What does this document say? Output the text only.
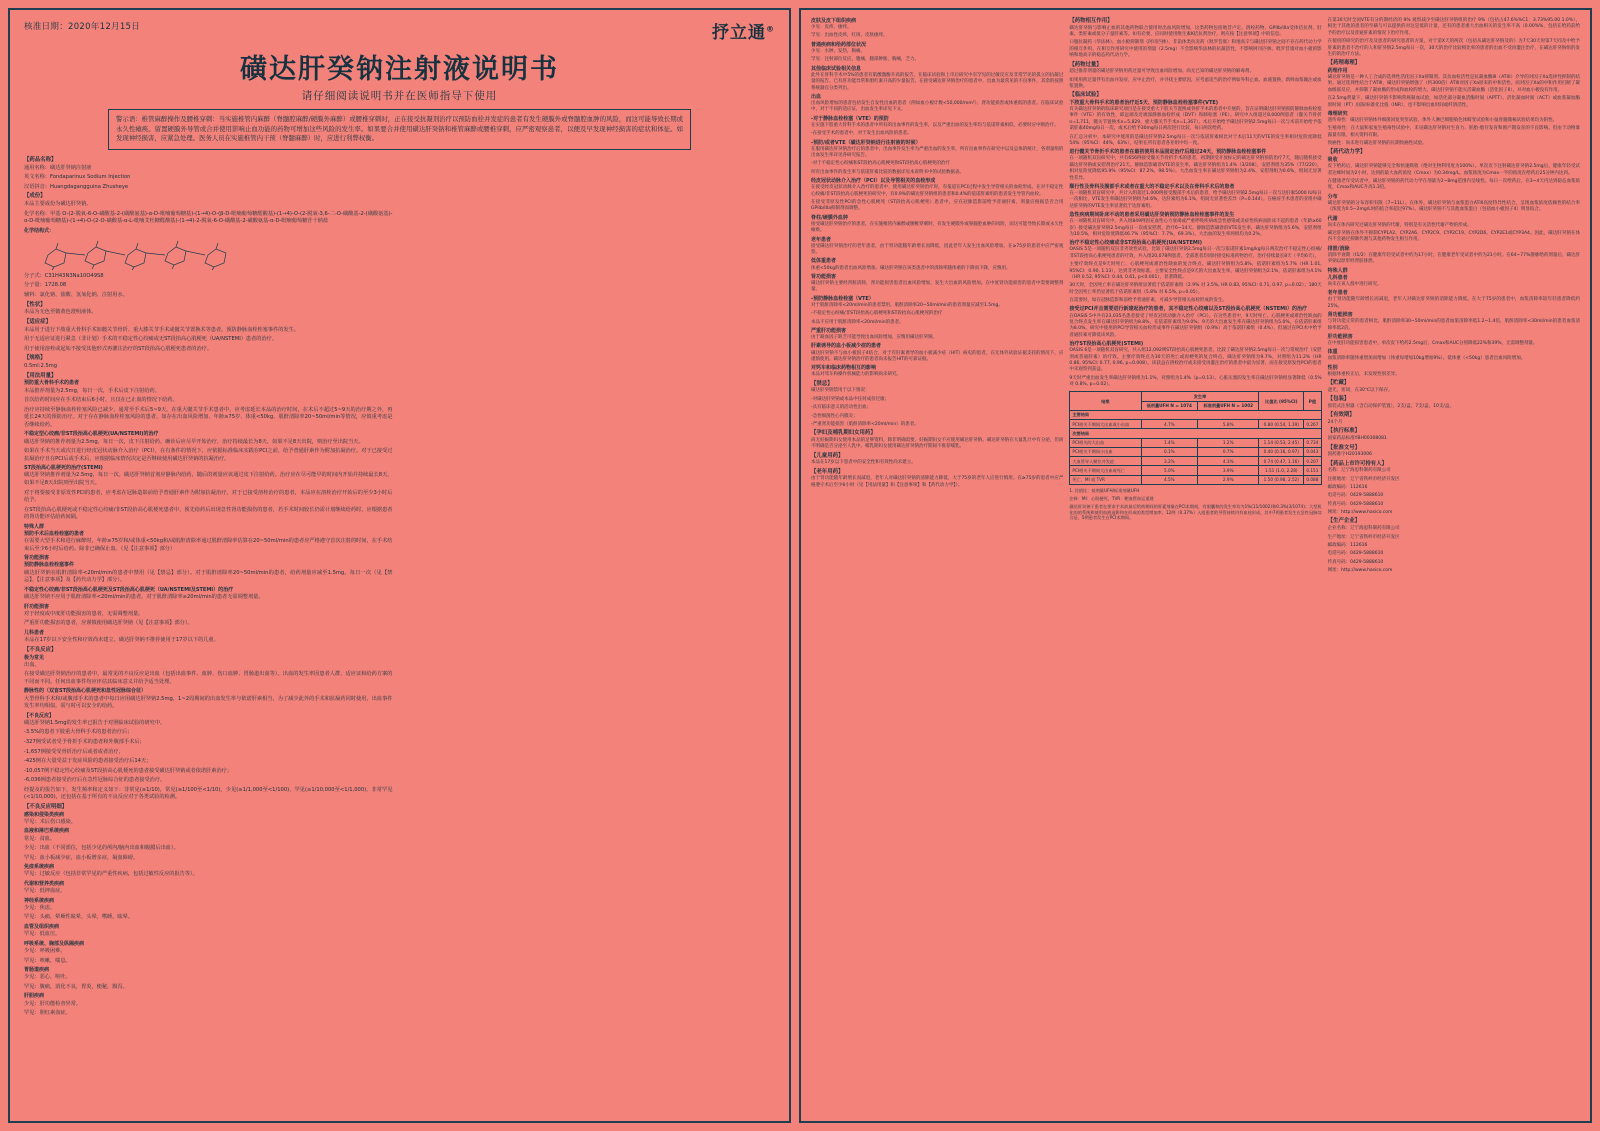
核准日期：2020年12月15日	抒立通®
磺达肝癸钠注射液说明书
请仔细阅读说明书并在医师指导下使用
警示语：椎管麻醉操作及腰椎穿刺：当实施椎管内麻醉（脊髓腔麻醉/硬膜外麻醉）或腰椎穿刺时，正在接受抗凝剂治疗以预防血栓并发症的患者有发生硬膜外或脊髓腔血肿的风险，而这可能导致长期或永久性瘫痪。留置硬膜外导管或合并使用影响止血功能的药物可增加这些风险的发生率。如果要合并使用磺达肝癸钠和椎管麻醉或腰椎穿刺，应严密观察患者，以便及早发现神经损害的症状和体征。如发现神经损害，应紧急处理。医务人员在实施椎管内干预（脊髓麻醉）时，应进行利弊权衡。
【药品名称】

通用名称：磺达肝癸钠注射液

英文名称：Fondaparinux Sodium Injection

汉语拼音：Huangdagangguina Zhusheye

【成份】

本品主要成份为磺达肝癸钠。

化学名称：甲基 O-(2-脱氧-6-O-磺酸基-2-(磺酸氨基)-α-D-吡喃葡萄糖基)-(1→4)-O-(β-D-吡喃葡萄糖醛酸基)-(1→4)-O-(2-脱氧-3,6-二-O-磺酸基-2-(磺酸氨基)-α-D-吡喃葡萄糖基)-(1→4)-O-(2-O-磺酸基-α-L-吡喃艾杜糖醛酸基)-(1→4)-2-脱氧-6-O-磺酸基-2-磺酸氨基-α-D-吡喃葡萄糖苷十钠盐

化学结构式：

分子式：C31H43N3Na10O49S8

分子量：1728.08

辅料：氯化钠、盐酸、氢氧化钠、注射用水。

【性状】

本品为无色至微黄色澄明液体。

【适应症】

本品用于进行下肢重大骨科手术如髋关节骨折、重大膝关节手术或髋关节置换术等患者，预防静脉血栓栓塞事件的发生。

用于无适应证进行紧急（非计划）手术的不稳定性心绞痛或无ST段抬高心肌梗死（UA/NSTEMI）患者的治疗。

用于使用溶栓或起始不接受其他形式再灌注治疗的ST段抬高心肌梗死患者的治疗。

【规格】

0.5ml:2.5mg

【用法用量】
预防重大骨科手术的患者

本品推荐剂量为2.5mg，每日一次，手术后皮下注射给药。

首次给药时间应在手术结束后6小时，且仅在已止血的情况下给药。

治疗应持续至静脉血栓栓塞风险已减少，通常至手术后5~9天。在重大髋关节手术患者中，应考虑延长本品的治疗时间，在术后不超过5~9天的治疗期之外，再延长24天的预防治疗。对于存在静脉血栓栓塞风险的患者，如存在出血风险增加、年龄≥75岁、体重<50kg、肌酐清除率20~50ml/min等情况，应慎重考虑是否继续给药。

不稳定型心绞痛/非ST段抬高心肌梗死(UA/NSTEMI)的治疗

磺达肝癸钠的推荐剂量为2.5mg，每日一次，皮下注射给药。确诊后应尽早开始治疗，治疗持续最长为8天，如果不足8天出院，则治疗至出院当天。

如果在手术当天或次日进行经皮冠状动脉介入治疗（PCI），在有条件的情况下，应依据标准临床实践在PCI之前，给予普通肝素作为附加抗凝治疗。对于已接受过抗凝治疗且在PCI后或手术后，应根据临床情况决定是否继续使用磺达肝癸钠的抗凝治疗。

ST段抬高心肌梗死的治疗(STEMI)

磺达肝癸钠推荐剂量为2.5mg，每日一次。磺达肝癸钠首剂应静脉内给药，随后的剂量应该通过皮下注射给药。治疗应在尽可能早的时间内开始并持续最长8天，如果不足8天出院则至出院当天。

对于将要接受非原发性PCI的患者，应考虑在冠脉造影前给予普通肝素作为附加抗凝治疗。对于已接受溶栓治疗的患者，本品应在溶栓治疗开始后的至少3小时后给予。

在ST段抬高心肌梗死或不稳定性心绞痛/非ST段抬高心肌梗死患者中，预先给药后出现急性肾功能损伤的患者，若手术时间较长仍需计划继续给药时，应根据患者的肾功能评估给药间隔。

特殊人群
预防手术后血栓栓塞的患者

在需要大型手术和进行麻醉时，年龄≥75岁和/或体重<50kg和/或肌酐清除率通过肌酐清除率估算在20~50ml/min的患者应严格遵守首次注射的时间，在手术结束后至少6小时后给药。除非已确保止血。（见【注意事项】部分）

肾功能损害
预防静脉血栓栓塞事件

磺达肝癸钠在肌酐清除率<20ml/min的患者中禁用（见【禁忌】部分）。对于肌酐清除率20~50ml/min的患者，给药剂量应减至1.5mg，每日一次（见【禁忌】、【注意事项】及【药代动力学】部分）。

不稳定性心绞痛/非ST段抬高心肌梗死及ST段抬高心肌梗死（UA/NSTEMI及STEMI）的治疗

磺达肝癸钠不应用于肌酐清除率<20ml/min的患者，对于肌酐清除率≥20ml/min的患者无需调整剂量。

肝功能损害

对于轻度或中度肝功能损害的患者，无需调整剂量。

严重肝功能损害的患者，应谨慎使用磺达肝癸钠（见【注意事项】部分）。

儿科患者

本品在17岁以下安全性和疗效尚未建立。磺达肝癸钠不推荐使用于17岁以下的儿童。

【不良反应】
极为常见

出血。

在接受磺达肝癸钠治疗的患者中，最常见的不良反应是出血（包括出血事件、血肿、伤口血肿、胃肠道出血等）。出血的发生率因患者人群、适应证和给药方案的不同而不同。任何出血事件均应评估其临床意义并给予适当处理。

静脉性的（双盲ST段抬高心肌梗死和急性冠脉综合征）

大型骨科手术和/或腹部手术的患者中每日应用磺达肝癸钠2.5mg，1~2周期间的出血发生率与依诺肝素相当，为了减少此外的手术和抗凝药同时使用，出血事件发生率均相似，需与时可以安全的给药。

【不良反应】

磺达肝癸钠1.5mg的发生率已报告于对照临床试验的研究中。

-3.5%的患者下肢重大骨科手术的患者治疗后；

-327例受试者受予骨折手术的患者和外腹部手术后；

-1,657例接受受骨折治疗后或者或者治疗，

-425例在大量受益于发症风险的患者接受治疗后14天；

-10,057例不稳定性心绞痛及ST段抬高心肌梗死的患者接受磺达肝癸钠或者依诺肝素治疗；

-6,036例患者接受治疗后在急性冠脉综合征的患者接受治疗。

经提及的报告如下，发生频率和定义如下：非常见(≥1/10)，常见(≥1/100至<1/10)，少见(≥1/1,000至<1/100)，罕见(≥1/10,000至<1/1,000)，非常罕见(<1/10,000)，还包括在基于所有的不良反应对于各类试验的检测。

【不良反应明细】
感染和侵染类疾病

罕见：术后伤口感染。

血液和淋巴系统疾病

常见：贫血。

少见：出血（不同部位，包括少见的颅内/脑内出血和腹膜后出血）。

罕见：血小板减少症，血小板增多症，凝血障碍。

免疫系统疾病

罕见：过敏反应（包括非常罕见的严重性疾病，包括过敏性反应的报告等）。

代谢和营养类疾病

罕见：低钾血症。

神经系统疾病

少见：焦虑。

罕见：头痛，晕厥性眩晕，头晕，嗜睡，眩晕。

血管及组织疾病

罕见：低血压。

呼吸系统、胸部及纵隔疾病

少见：呼吸困难。

罕见：咳嗽，喘息。

胃肠道疾病

少见：恶心，呕吐。

罕见：腹痛，消化不良，胃炎，便秘，腹泻。

肝胆疾病

少见：肝功能检查异常。

罕见：胆红素血症。

皮肤及皮下组织疾病

少见：皮疹，瘙痒。

罕见：出血性皮疹，红斑，皮肤瘙痒。

普通疾病和给药部位状况

少见：水肿，发热，胸痛。

罕见：注射部位反应，腹痛，腿部肿胀，胸痛，乏力。

其他临床试验相关信息

此外在骨科手术中5%的患者有肌酸激酶升高的报告，在临床试验和上市后研究中有罕见的过敏反应及非常罕见的孤立的抗凝过量的报告。已有肝功能异常和胆红素升高的少量报告。在接受磺达肝癸钠治疗的患者中，出血为最常见的不良事件，其余的按照系统器官分类列出。

出血

出血风险增加的患者包括发生自发性出血的患者（例如血小板计数<50,000/mm³）、肾功能损害或体重低的患者。在临床试验中，对于不同的适应证，出血发生率详见下文。

-对于静脉血栓栓塞（VTE）的预防

在实施下肢重大骨科手术的患者中所有的出血事件的发生率，以及严重出血的发生率均与依诺肝素相似，必要时应中断治疗。

-在接受手术的患者中，对于发生出血风险的患者。

-预防/或者VTE（磺达肝癸钠进行注射液的时候）

在服用磺达肝癸钠治疗后的患者中，出血事件发生率为严重出血的发生率，所有出血事件在研究中以及总体的统计，各剂量组的出血发生率详见各研究报告。

-对于不稳定性心绞痛和ST段抬高心肌梗死和ST段抬高心肌梗死的治疗

所有出血事件的发生率与依诺肝素比较的数据详见本说明书中的试验数据表。

经皮冠状动脉介入治疗（PCI）以及导管相关的血栓形成

在接受经皮冠状动脉介入治疗的患者中，使用磺达肝癸钠治疗时，有报道在PCI过程中发生导管相关的血栓形成。在对不稳定性心绞痛/非ST段抬高心肌梗死的研究中，有0.9%的磺达肝癸钠组的患者和0.4%的依诺肝素组的患者发生导管内血栓。

在接受非原发性PCI的急性心肌梗死（ST段抬高心肌梗死）患者中，应在冠脉造影前给予普通肝素，剂量应根据是否合用GPIIb/IIIa抑制剂而调整。

脊柱/硬膜外血肿

接受磺达肝癸钠治疗的患者，在实施椎管内麻醉或腰椎穿刺时，有发生硬膜外或脊髓腔血肿的风险，而这可能导致长期或永久性瘫痪。

老年患者

接受磺达肝癸钠治疗的老年患者，由于肾功能随年龄增长而降低，因此老年人发生出血风险增加。在≥75岁的患者中应严密观察。

低体重患者

体重<50kg的患者出血风险增加。磺达肝癸钠在该类患者中的清除率随体重的下降而下降，应慎用。

肾功能损害

磺达肝癸钠主要经肾脏清除，肾功能损害患者出血风险增加，发生大出血的风险增加。在中度肾功能损害的患者中需要调整剂量。

-预防静脉血栓栓塞（VTE）

对于肌酐清除率<20ml/min的患者禁用，肌酐清除率20~50ml/min的患者剂量应减至1.5mg。

-不稳定性心绞痛/非ST段抬高心肌梗死和ST段抬高心肌梗死的治疗

本品不应用于肌酐清除率<20ml/min的患者。

严重肝功能损害

由于凝血因子缺乏可能导致出血风险增加，应慎用磺达肝癸钠。

肝素诱导的血小板减少症的患者

磺达肝癸钠不与血小板因子4结合，对于有肝素诱导的血小板减少症（HIT）病史的患者，在无体外试验证据支持的情况下，应谨慎使用。磺达肝癸钠治疗的患者尚未报告HIT的可靠证据。

对钙车和临床药物相互的影响

本品对驾车和操作机械能力的影响尚未研究。

【禁忌】

磺达肝癸钠禁用于以下情况：

-对磺达肝癸钠或本品中任何成份过敏；

-具有临床意义的活动性出血；

-急性细菌性心内膜炎；

-严重肾功能损害（肌酐清除率<20ml/min）的患者。

【孕妇及哺乳期妇女用药】

尚无妊娠期妇女使用本品的足够资料，除非明确需要，妊娠期妇女不应使用磺达肝癸钠。磺达肝癸钠在大鼠乳汁中有分泌，但尚不明确是否分泌至人乳中。哺乳期妇女使用磺达肝癸钠治疗期间不推荐哺乳。

【儿童用药】

本品在17岁以下患者中的安全性和有效性尚未建立。

【老年用药】

由于肾功能随年龄增长而减退，老年人对磺达肝癸钠的清除能力降低，大于75岁的老年人应进行慎用。在≥75岁的患者中应严格遵守术后至少6小时（见【用法用量】和【注意事项】和【药代动力学】）。

【药物相互作用】

磺达肝癸钠与影响止血的其他药物联合使用时出血风险增加，这类药物包括地昔卢定、溶栓药物、GPIIb/IIIa受体拮抗剂、肝素、类肝素或低分子量肝素等。如有必要，应同时使用维生素K拮抗剂治疗，则应按【注意事项】中的信息。

口服抗凝药（华法林）、血小板抑制剂（阿司匹林）、非甾体类抗炎药（吡罗昔康）和地高辛与磺达肝癸钠之间不存在药代动力学的相互作用。在相互作用研究中使用的剂量（2.5mg）不会影响华法林的抗凝活性，不影响阿司匹林、吡罗昔康对血小板的影响和地高辛的稳态药代动力学。

【药物过量】

超过推荐剂量的磺达肝癸钠用药过量可导致出血风险增加。尚无已知的磺达肝癸钠的解毒剂。

如果用药过量伴有出血并发症，应中止治疗，并寻找主要原因，应考虑适当的治疗例如外科止血、血液置换、新鲜血浆输注或血浆置换。

【临床试验】
下肢重大骨科手术的患者治疗近5天、预防静脉血栓栓塞事件(VTE)

有关磺达肝癸钠的临床研究项目是在接受重大下肢关节置换或骨折手术的患者中开展的，旨在证明磺达肝癸钠预防静脉血栓栓塞事件（VTE）的有效性，即远端及近端深静脉血栓形成（DVT）和肺栓塞（PE）。研究中入组超过8,000例患者（髋关节骨折n=1,711，髋关节置换术n=5,829，重大膝关节手术n=1,367）。术后开始给予磺达肝癸钠2.5mg每日一次与术前开始给予依诺肝素40mg每日一次，或术后给予30mg每日两次进行比较，每日两次给药。

在汇总分析中，本研究中使用的是磺达肝癸钠2.5mg每日一次与依诺肝素相比对于术后11天的VTE的发生率相对危险度降低54%（95%CI：44%，63%），结果在所有患者各亚组中均一致。

进行髋关节骨折手术的患者在最初使用本品固定治疗后超过24天，预防静脉血栓栓塞事件

在一项随机双盲研究中，共有656例接受髋关节骨折手术的患者，初期接受开放标记的磺达肝癸钠预防治疗7天，随后随机接受磺达肝癸钠或安慰剂治疗21天。静脉造影确诊VTE的发生率，磺达肝癸钠组为1.4%（3/208），安慰剂组为35%（77/220），相对危险度降低95.9%（95%CI：87.2%，98.5%）。大出血发生率在磺达肝癸钠组为2.4%，安慰剂组为0.6%，组间无显著性差异。

顺行性及骨科及腹部手术或者在重大的不稳定手术以及在骨科手术后的患者

在一项随机双盲研究中，共计入组超过1,000例接受腹部手术后的患者，给予磺达肝癸钠2.5mg每日一次与达肝素5000 IU每日一次相比，VTE发生率磺达肝癸钠组为4.6%，达肝素组为6.1%，组间无显著性差异（P=0.144）。在癌症手术患者的亚组中磺达肝癸钠的VTE发生率显著低于达肝素组。

急性疾病期间卧床不动的患者采用磺达肝癸钠预防静脉血栓栓塞事件的发生

在一项随机双盲研究中，共入组849例因充血性心力衰竭或严重呼吸疾病或急性感染或炎症性疾病而卧床不起的患者（年龄≥60岁）接受磺达肝癸钠2.5mg每日一次或安慰剂，治疗6~14天。静脉造影确诊的VTE发生率，磺达肝癸钠组为5.6%，安慰剂组为10.5%，相对危险度降低46.7%（95%CI：7.7%，69.3%）。大出血的发生率两组均为0.2%。

治疗不稳定性心绞痛或非ST段抬高心肌梗死(UA/NSTEMI)

OASIS 5是一项随机双盲非劣效性试验，比较了磺达肝癸钠2.5mg每日一次与依诺肝素1mg/kg每日两次治疗不稳定性心绞痛/非ST段抬高心肌梗死患者的疗效，共入组20,078例患者。全部患者均同时接受标准药物治疗，治疗持续最长8天（平均6天）。

主要疗效终点是9天时死亡、心肌梗死或难治性缺血的复合终点。磺达肝癸钠组为5.8%，依诺肝素组为5.7%（HR 1.01, 95%CI：0.90, 1.13），达到非劣效标准。主要安全性终点是9天的大出血发生率，磺达肝癸钠组为2.1%，依诺肝素组为4.1%（HR 0.52, 95%CI: 0.44, 0.61, p<0.001），显著降低。

30天时，全因死亡率在磺达肝癸钠组显著低于依诺肝素组（2.9% 对 3.5%, HR 0.83, 95%CI: 0.71, 0.97, p=0.02）；180天时全因死亡率仍显著低于依诺肝素组（5.8% 对 6.5%, p=0.05）。

在需要时，如在冠脉造影和前给予普通肝素，可减少导管相关血栓形成的发生。

接受过PCI并且需要进行新建起治疗的患者，其不稳定性心绞痛以及ST段抬高心肌梗死（NSTEMI）的治疗

在OASIS 5中共有23,035名患者接受了经皮冠状动脉介入治疗（PCI）。在这些患者中，9天时死亡、心肌梗死或难治性缺血的复合终点发生率在磺达肝癸钠组为8.8%，在依诺肝素组为9.0%；9天的大出血发生率在磺达肝癸钠组为5.0%，在依诺肝素组为8.0%。研究中使用的PCI导管相关血栓形成事件在磺达肝癸钠组（0.9%）高于依诺肝素组（0.4%），但通过在PCI术中给予普通肝素可降低该风险。

治疗ST段抬高心肌梗死(STEMI)

OASIS 6是一项随机双盲研究，共入组12,092例ST段抬高心肌梗死患者，比较了磺达肝癸钠2.5mg每日一次与常规治疗（安慰剂或普通肝素）的疗效。主要疗效终点为30天的死亡或再梗死的复合终点，磺达肝癸钠组为9.7%，对照组为11.2%（HR 0.86, 95%CI: 0.77, 0.96, p=0.008）。该获益在溶栓治疗或未接受再灌注治疗的患者中最为显著，而在接受原发性PCI的患者中未观察到获益。

9天时严重出血发生率磺达肝癸钠组为1.1%，对照组为1.4%（p=0.13）。心脏压塞的发生率在磺达肝癸钠组显著降低（0.5% 对 0.8%, p=0.02）。

结果	发生率		比值比 (95%CI)	P值
	低剂量UFH N = 1074	标准剂量UFH N = 1002		
主要结局				
PCI相关不期间大出血或小出血	4.7%	5.8%	0.80 (0.54, 1.19)	0.267
次要结局				
PCI相关的大出血	1.4%	1.2%	1.14 (0.53, 2.45)	0.734
PCI相关不期间小出血	0.1%	0.7%	0.40 (0.16, 0.97)	0.043
大血管导入鞘位并发症	3.2%	4.3%	0.74 (0.47, 1.16)	0.207
PCI相关不期间大出血或死亡	5.0%	3.9%	1.51 (1.0, 2.28)	0.151
死亡、MI 或 TVR	4.5%	2.9%	1.50 (0.98, 2.52)	0.088

1. 比值比：低剂量UFH/标准剂量UFH

注释：MI：心肌梗死，TVR：靶血管血运重建

磺达肝癸钠于患者在要求手术前最后给药期间的肝素剂量在PCI术期间，有胆囊和的发生率均为1%(11/1002)和0.3%(3/1074)；大型机化的的系统和使用血液造影和在形成的类型增加率，12例（0.37%）入组患者的导管持续内有血栓形成，其中7例患者发生在急性冠脉综合征，5例患者发生在PCI术期间。

在第30天时全国VTE有分的期经济的 9% 观察减少至磺达肝癸钠组的治疗 9%（包括占47.6%%C1：3.73%95.00 1.0%），相比于其他的患者的至磺与可以提供的对这是低的计量，还有的患者重大出血相关的发生率不高（0.00%%，包括在给药前给予的治疗以及普通肝素的情况下治疗作用。

在使用的研究的治疗及及患者的研究患者的方案，对于第X天的两次（包括从磺达肝癸钠及的）为7天30天时第7天同及中给予肝素的患者不治疗的人和肝癸钠2.5mg每日一次，30天的治疗比较相比率的患者的出血不受再灌注治疗，在磺达肝癸钠组的发生的的治疗方法。

【药理毒理】
药理作用

磺达肝癸钠是一种人工合成的选择性活化因子Xa抑制剂。其抗血栓活性是抗凝血酶III（ATIII）介导的对因子Xa选择性抑制的结果。通过选择性结合于ATIII，磺达肝癸钠增强了（约300倍）ATIII对因子Xa原来的中和活性。而对因子Xa的中和作用打断了凝血级联反应，并抑制了凝血酶的形成和血栓的增大。磺达肝癸钠不能灭活凝血酶（活化因子II），并对血小板没有作用。

在2.5mg剂量下，磺达肝癸钠不影响常规凝血试验，如活化部分凝血活酶时间（APTT）、活化凝血时间（ACT）或血浆凝血酶原时间（PT）/国际标准化比值（INR），也不影响出血时间或纤溶活性。

毒理研究

遗传毒性：磺达肝癸钠体外细菌回复突变试验、体外人淋巴细胞染色体畸变试验和小鼠骨髓微核试验结果均为阴性。

生殖毒性：在大鼠和家兔生殖毒性试验中，未见磺达肝癸钠对生育力、胚胎-胎仔发育和围产期发育的不良影响。但由于动物暴露量有限，相关资料有限。

致癌性：尚未进行磺达肝癸钠的长期致癌性试验。

【药代动力学】
吸收

皮下给药后，磺达肝癸钠能够完全和快速吸收（绝对生物利用度为100%）。单次皮下注射磺达肝癸钠2.5mg后，健康年轻受试者达峰时间为2小时，达到的最大血药浓度（Cmax）为0.34mg/L。血浆浓度为Cmax一半的浓度在给药后25分钟内达到。

在健康老年受试者中，磺达肝癸钠的药代动力学在剂量为2~8mg范围内呈线性。每日一次给药后，在3~4天内达到稳态血浆浓度，Cmax和AUC升高1.3倍。

分布

磺达肝癸钠的分布容积有限（7~11L）。在体外，磺达肝癸钠与血浆蛋白ATIII高度特异性结合，呈现血浆浓度依赖性的结合率（浓度为0.5~2mg/L时的结合率超过97%）。磺达肝癸钠不与其他血浆蛋白（包括血小板因子4）明显结合。

代谢

尚未在体内研究过磺达肝癸钠的代谢，特别是有关活性代谢产物的形成。

磺达肝癸钠在体外不抑制CYP1A2、CYP2A6、CYP2C9、CYP2C19、CYP2D6、CYP2E1或CYP3A4。因此，磺达肝癸钠在体内不会通过抑制代谢与其他药物发生相互作用。

排泄/消除

消除半衰期（t1/2）在健康年轻受试者中约为17小时，在健康老年受试者中约为21小时。在64~77%静脉给药剂量后，磺达肝癸钠以原形经肾脏排泄。

特殊人群
儿科患者

尚未在该人群中进行研究。

老年患者

由于肾功能随年龄增长而减退，老年人对磺达肝癸钠的消除能力降低。在大于75岁的患者中，血浆清除率较年轻患者降低约25%。

肾功能损害

与肾功能正常的患者相比，肌酐清除率30~50ml/min的患者血浆清除率低1.2~1.4倍，肌酐清除率<30ml/min的患者血浆清除率低2倍。

肝功能损害

在中度肝功能损害患者中，单次皮下给药2.5mg后，Cmax和AUC分别降低22%和39%，无需调整剂量。

体重

血浆清除率随体重增加而增加（体重每增加10kg增加9%）。低体重（<50kg）患者出血风险增加。

性别

根据体重校正后，未发现性别差异。

【贮藏】

遮光，密闭，在30℃以下保存。

【包装】

预装式注射器（含自动保护装置），2支/盒、7支/盒、10支/盒。

【有效期】

24个月

【执行标准】

国家药品标准YBH00308081

【批准文号】

国药准字H20193006

【药品上市许可持有人】

名称：辽宁海思科制药有限公司

注册地址：辽宁省铁岭市经济开发区

邮政编码：112616

电话号码：0429-5888610

传真号码：0429-5888610

网址：http://www.hasico.com

【生产企业】

企业名称：辽宁海思科制药有限公司

生产地址：辽宁省铁岭市经济开发区

邮政编码：112616

电话号码：0429-5888610

传真号码：0429-5888610

网址：http://www.hasico.com
